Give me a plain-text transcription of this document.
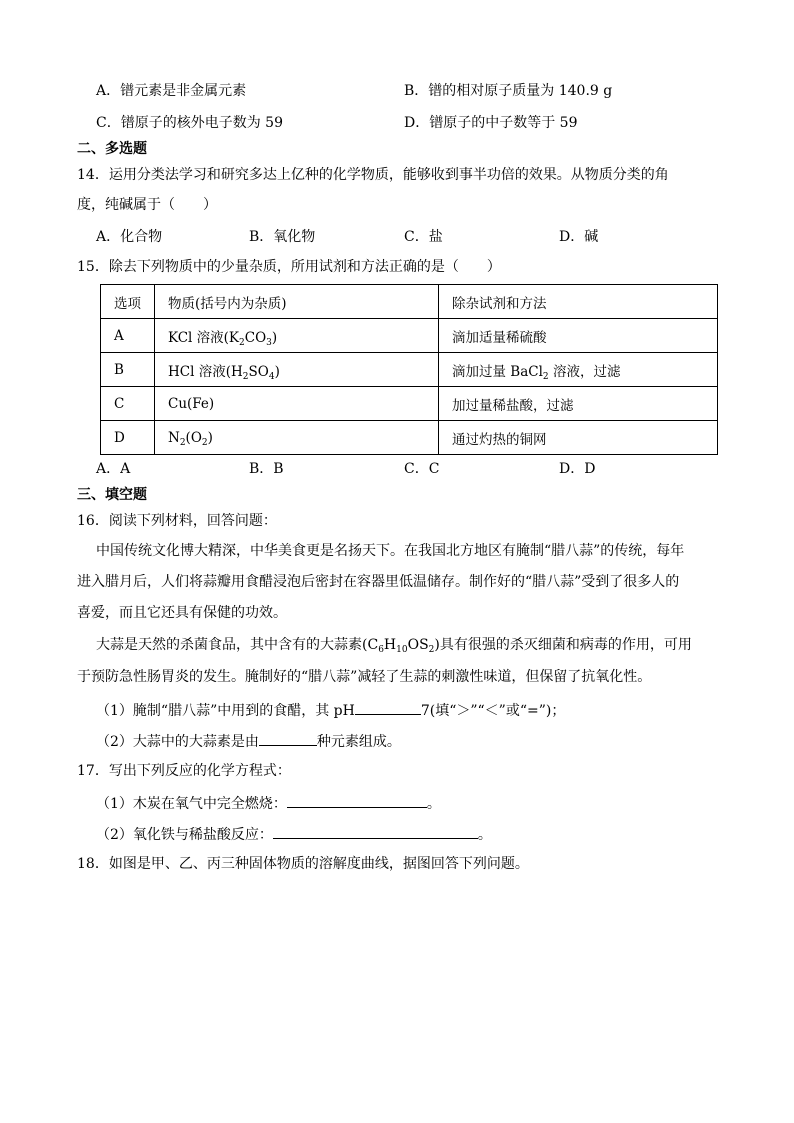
A．镨元素是非金属元素	B．镨的相对原子质量为 140.9 g
C．镨原子的核外电子数为 59	D．镨原子的中子数等于 59
二、多选题
14．运用分类法学习和研究多达上亿种的化学物质，能够收到事半功倍的效果。从物质分类的角
度，纯碱属于（　　）
A．化合物	B．氧化物	C．盐	D．碱
15．除去下列物质中的少量杂质，所用试剂和方法正确的是（　　）
选项	物质(括号内为杂质)	除杂试剂和方法
A	KCl 溶液$(K_2CO_3)$	滴加适量稀硫酸
B	HCl 溶液$(H_2SO_4)$	滴加过量 BaCl$_2$ 溶液，过滤
C	Cu(Fe)	加过量稀盐酸，过滤
D	$N_2(O_2)$	通过灼热的铜网
A．A	B．B	C．C	D．D
三、填空题
16．阅读下列材料，回答问题：
中国传统文化博大精深，中华美食更是名扬天下。在我国北方地区有腌制“腊八蒜”的传统，每年
进入腊月后，人们将蒜瓣用食醋浸泡后密封在容器里低温储存。制作好的“腊八蒜”受到了很多人的
喜爱，而且它还具有保健的功效。
大蒜是天然的杀菌食品，其中含有的大蒜素$(C_6H_{10}OS_2)$具有很强的杀灭细菌和病毒的作用，可用
于预防急性肠胃炎的发生。腌制好的“腊八蒜”减轻了生蒜的刺激性味道，但保留了抗氧化性。
（1）腌制“腊八蒜”中用到的食醋，其 pH	7(填“＞”“＜”或“=”)；
（2）大蒜中的大蒜素是由	种元素组成。
17．写出下列反应的化学方程式：
（1）木炭在氧气中完全燃烧：	。
（2）氧化铁与稀盐酸反应：	。
18．如图是甲、乙、丙三种固体物质的溶解度曲线，据图回答下列问题。
